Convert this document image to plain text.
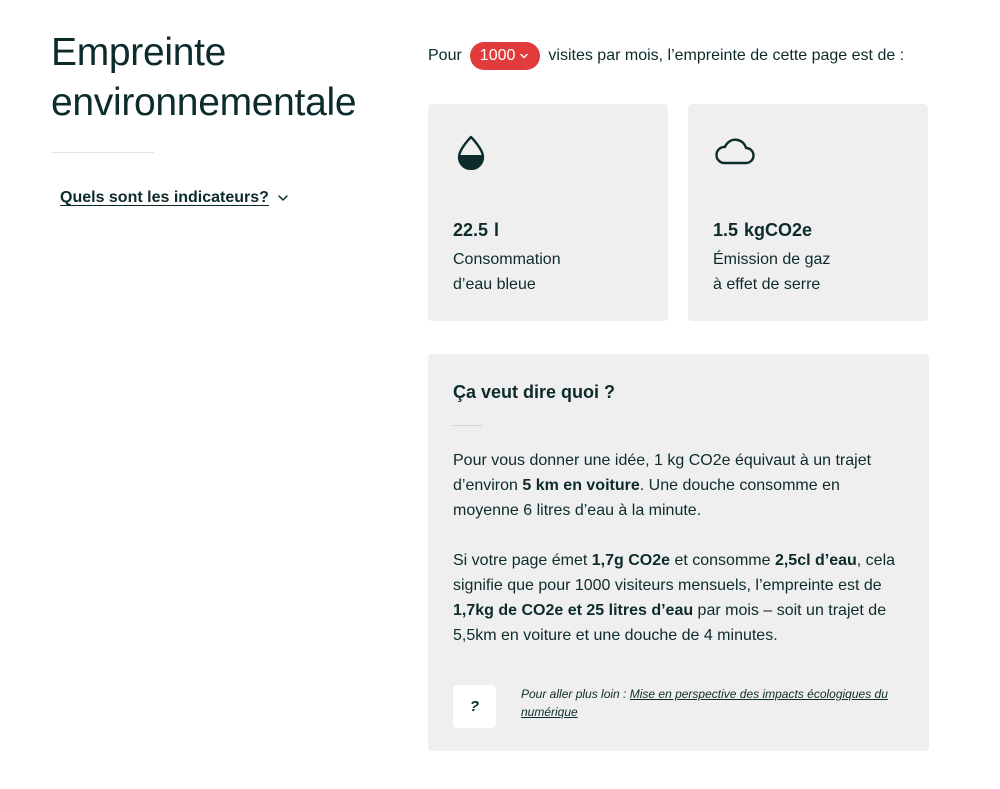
Empreinte
environnementale
Quels sont les indicateurs?
Pour 1000 visites par mois, l’empreinte de cette page est de :
22.5 l
Consommation
d’eau bleue
1.5 kgCO2e
Émission de gaz
à effet de serre
Ça veut dire quoi ?

Pour vous donner une idée, 1 kg CO2e équivaut à un trajet d’environ 5 km en voiture. Une douche consomme en moyenne 6 litres d’eau à la minute.

Si votre page émet 1,7g CO2e et consomme 2,5cl d’eau, cela signifie que pour 1000 visiteurs mensuels, l’empreinte est de 1,7kg de CO2e et 25 litres d’eau par mois – soit un trajet de 5,5km en voiture et une douche de 4 minutes.

?
Pour aller plus loin : Mise en perspective des impacts écologiques du numérique
